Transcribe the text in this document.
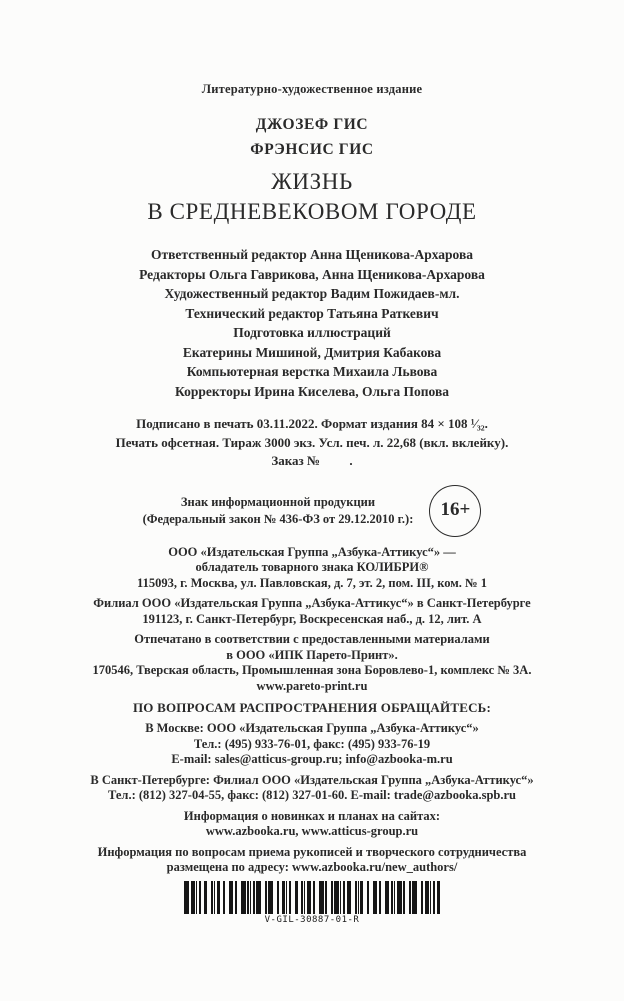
Литературно-художественное издание
ДЖОЗЕФ ГИС
ФРЭНСИС ГИС
ЖИЗНЬ
В СРЕДНЕВЕКОВОМ ГОРОДЕ
Ответственный редактор Анна Щеникова-Архарова
Редакторы Ольга Гаврикова, Анна Щеникова-Архарова
Художественный редактор Вадим Пожидаев-мл.
Технический редактор Татьяна Раткевич
Подготовка иллюстраций
Екатерины Мишиной, Дмитрия Кабакова
Компьютерная верстка Михаила Львова
Корректоры Ирина Киселева, Ольга Попова
Подписано в печать 03.11.2022. Формат издания 84 × 108 ¹⁄₃₂.
Печать офсетная. Тираж 3000 экз. Усл. печ. л. 22,68 (вкл. вклейку).
Заказ №         .
Знак информационной продукции
(Федеральный закон № 436-ФЗ от 29.12.2010 г.):	16+
ООО «Издательская Группа „Азбука-Аттикус“» —
обладатель товарного знака КОЛИБРИ®
115093, г. Москва, ул. Павловская, д. 7, эт. 2, пом. III, ком. № 1
Филиал ООО «Издательская Группа „Азбука-Аттикус“» в Санкт-Петербурге
191123, г. Санкт-Петербург, Воскресенская наб., д. 12, лит. А
Отпечатано в соответствии с предоставленными материалами
в ООО «ИПК Парето-Принт».
170546, Тверская область, Промышленная зона Боровлево-1, комплекс № 3А.
www.pareto-print.ru
ПО ВОПРОСАМ РАСПРОСТРАНЕНИЯ ОБРАЩАЙТЕСЬ:
В Москве: ООО «Издательская Группа „Азбука-Аттикус“»
Тел.: (495) 933-76-01, факс: (495) 933-76-19
E-mail: sales@atticus-group.ru; info@azbooka-m.ru
В Санкт-Петербурге: Филиал ООО «Издательская Группа „Азбука-Аттикус“»
Тел.: (812) 327-04-55, факс: (812) 327-01-60. E-mail: trade@azbooka.spb.ru
Информация о новинках и планах на сайтах:
www.azbooka.ru, www.atticus-group.ru
Информация по вопросам приема рукописей и творческого сотрудничества
размещена по адресу: www.azbooka.ru/new_authors/
V-GIL-30887-01-R
